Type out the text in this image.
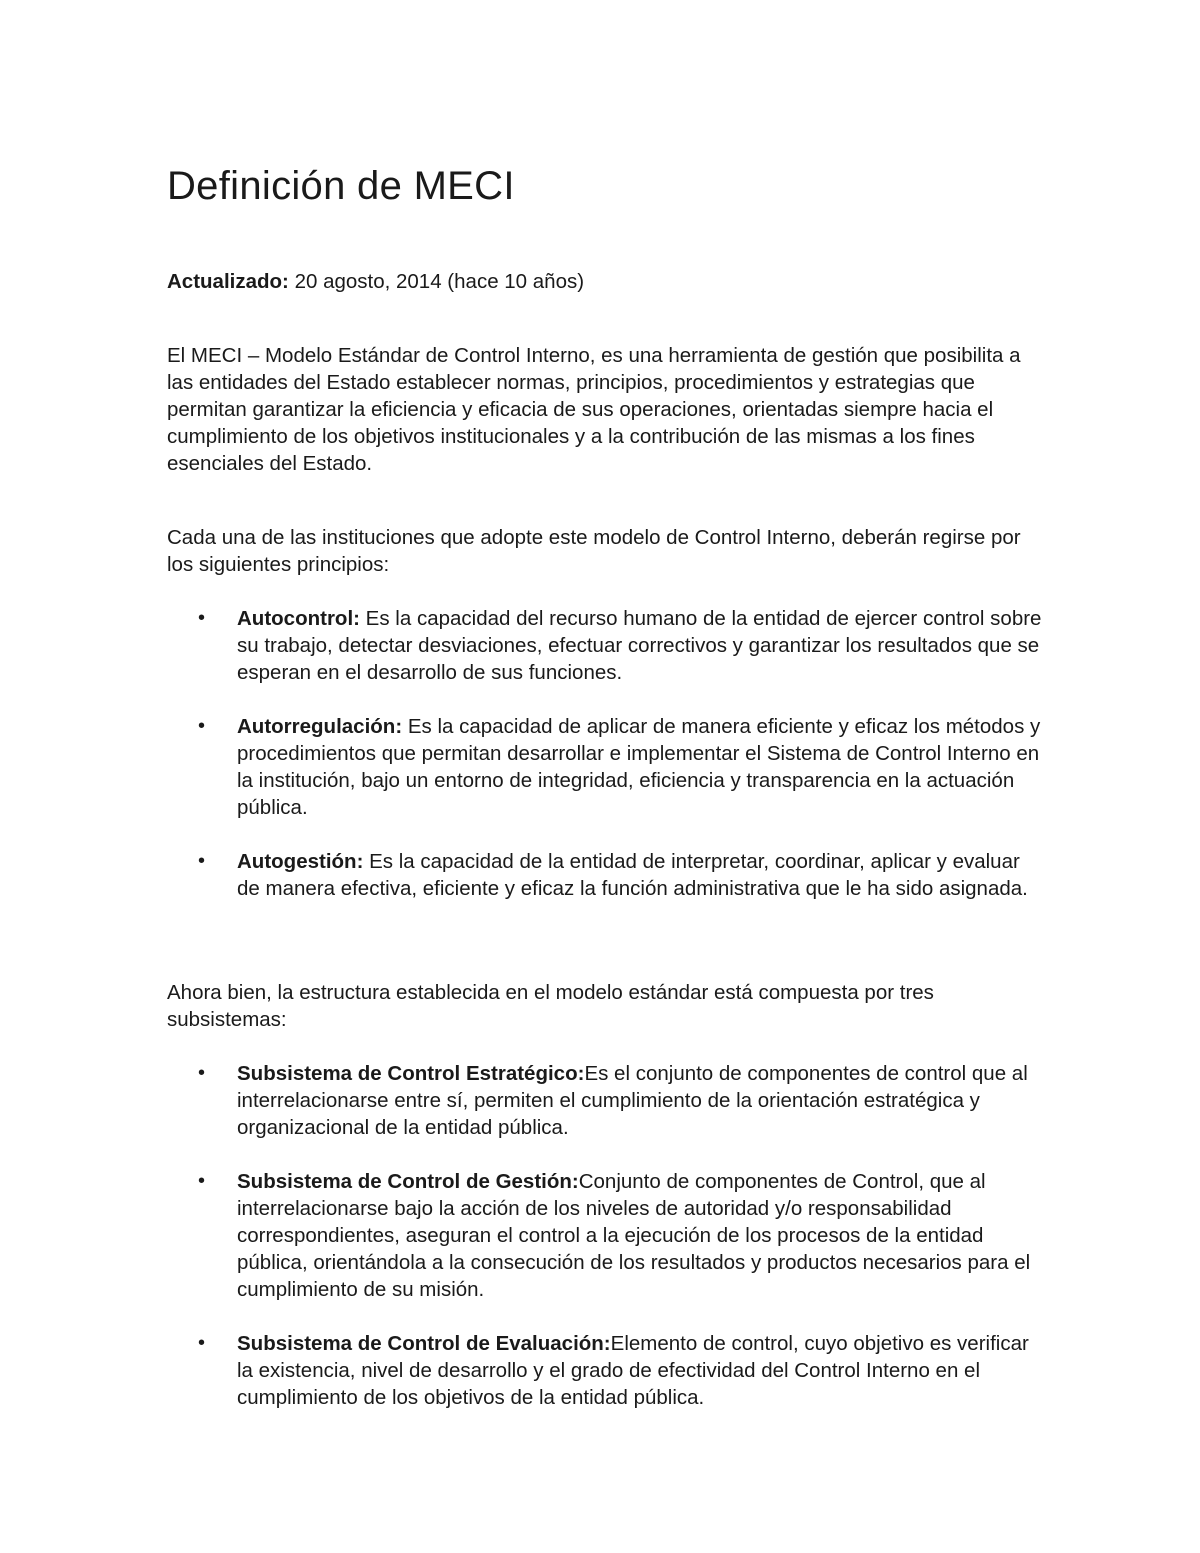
Definición de MECI

Actualizado: 20 agosto, 2014 (hace 10 años)

El MECI – Modelo Estándar de Control Interno, es una herramienta de gestión que posibilita a las entidades del Estado establecer normas, principios, procedimientos y estrategias que permitan garantizar la eficiencia y eficacia de sus operaciones, orientadas siempre hacia el cumplimiento de los objetivos institucionales y a la contribución de las mismas a los fines esenciales del Estado.

Cada una de las instituciones que adopte este modelo de Control Interno, deberán regirse por los siguientes principios:

• Autocontrol: Es la capacidad del recurso humano de la entidad de ejercer control sobre su trabajo, detectar desviaciones, efectuar correctivos y garantizar los resultados que se esperan en el desarrollo de sus funciones.
• Autorregulación: Es la capacidad de aplicar de manera eficiente y eficaz los métodos y procedimientos que permitan desarrollar e implementar el Sistema de Control Interno en la institución, bajo un entorno de integridad, eficiencia y transparencia en la actuación pública.
• Autogestión: Es la capacidad de la entidad de interpretar, coordinar, aplicar y evaluar de manera efectiva, eficiente y eficaz la función administrativa que le ha sido asignada.

Ahora bien, la estructura establecida en el modelo estándar está compuesta por tres subsistemas:

• Subsistema de Control Estratégico:Es el conjunto de componentes de control que al interrelacionarse entre sí, permiten el cumplimiento de la orientación estratégica y organizacional de la entidad pública.
• Subsistema de Control de Gestión:Conjunto de componentes de Control, que al interrelacionarse bajo la acción de los niveles de autoridad y/o responsabilidad correspondientes, aseguran el control a la ejecución de los procesos de la entidad pública, orientándola a la consecución de los resultados y productos necesarios para el cumplimiento de su misión.
• Subsistema de Control de Evaluación:Elemento de control, cuyo objetivo es verificar la existencia, nivel de desarrollo y el grado de efectividad del Control Interno en el cumplimiento de los objetivos de la entidad pública.
